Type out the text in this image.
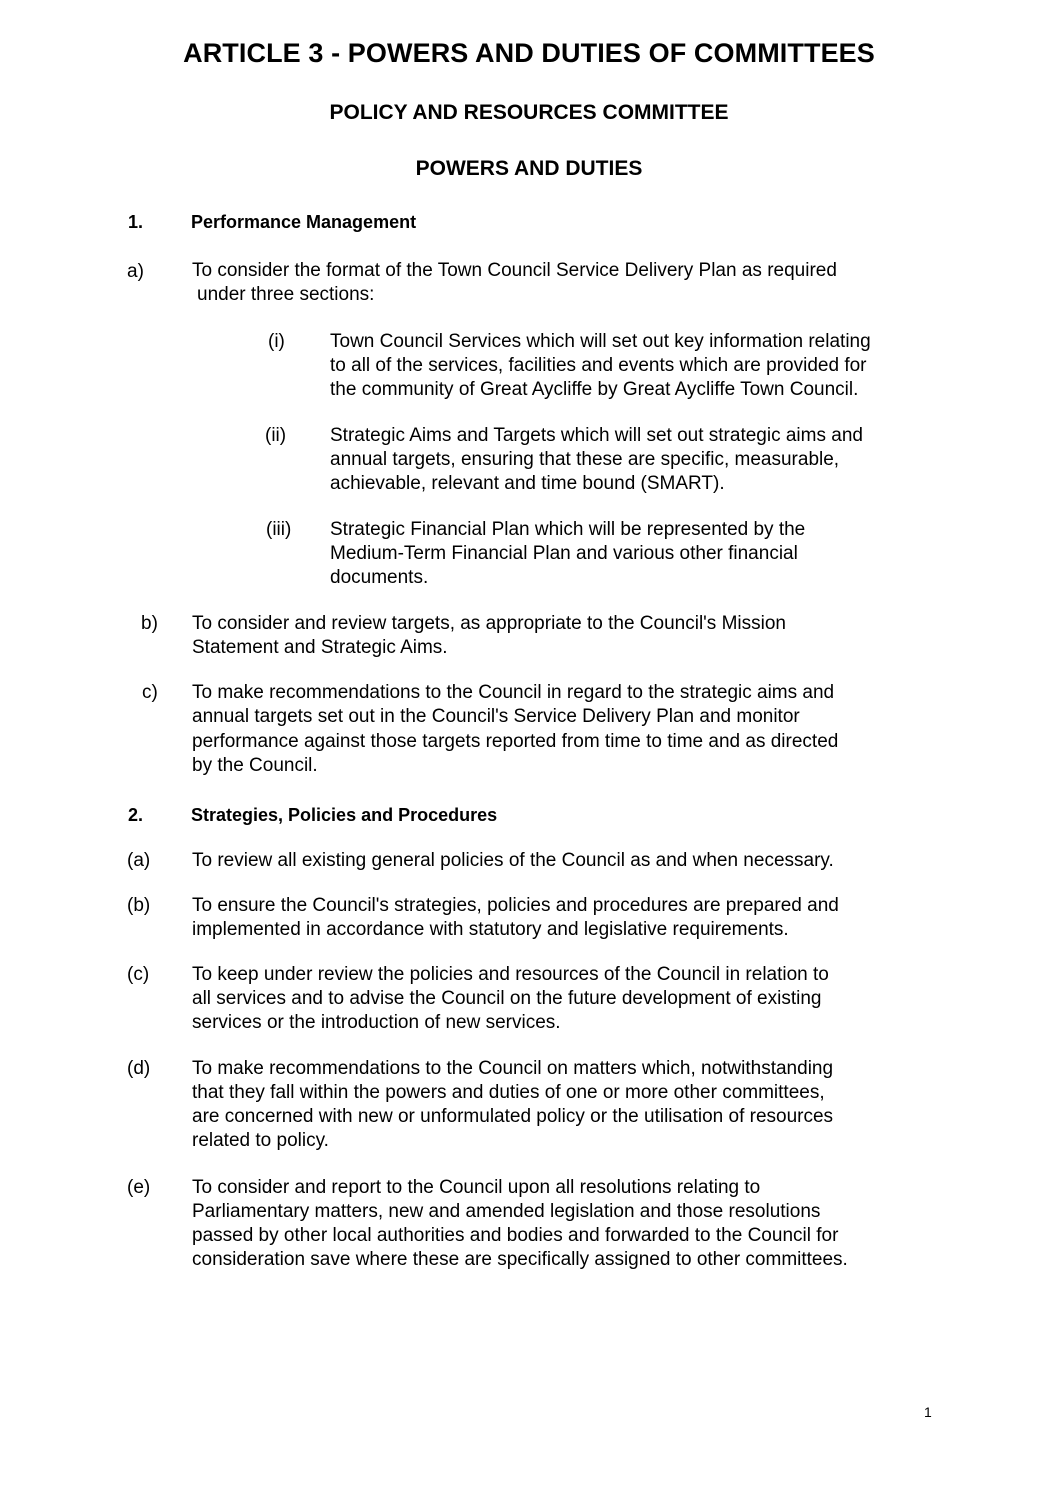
ARTICLE 3 - POWERS AND DUTIES OF COMMITTEES
POLICY AND RESOURCES COMMITTEE
POWERS AND DUTIES
1.	Performance Management
a)	To consider the format of the Town Council Service Delivery Plan as required
under three sections:
(i) Town Council Services which will set out key information relating
to all of the services, facilities and events which are provided for
the community of Great Aycliffe by Great Aycliffe Town Council.
(ii) Strategic Aims and Targets which will set out strategic aims and
annual targets, ensuring that these are specific, measurable,
achievable, relevant and time bound (SMART).
(iii) Strategic Financial Plan which will be represented by the
Medium-Term Financial Plan and various other financial
documents.
b) To consider and review targets, as appropriate to the Council's Mission
Statement and Strategic Aims.
c) To make recommendations to the Council in regard to the strategic aims and
annual targets set out in the Council's Service Delivery Plan and monitor
performance against those targets reported from time to time and as directed
by the Council.
2.	Strategies, Policies and Procedures
(a) To review all existing general policies of the Council as and when necessary.
(b) To ensure the Council's strategies, policies and procedures are prepared and
implemented in accordance with statutory and legislative requirements.
(c) To keep under review the policies and resources of the Council in relation to
all services and to advise the Council on the future development of existing
services or the introduction of new services.
(d) To make recommendations to the Council on matters which, notwithstanding
that they fall within the powers and duties of one or more other committees,
are concerned with new or unformulated policy or the utilisation of resources
related to policy.
(e) To consider and report to the Council upon all resolutions relating to
Parliamentary matters, new and amended legislation and those resolutions
passed by other local authorities and bodies and forwarded to the Council for
consideration save where these are specifically assigned to other committees.
1
